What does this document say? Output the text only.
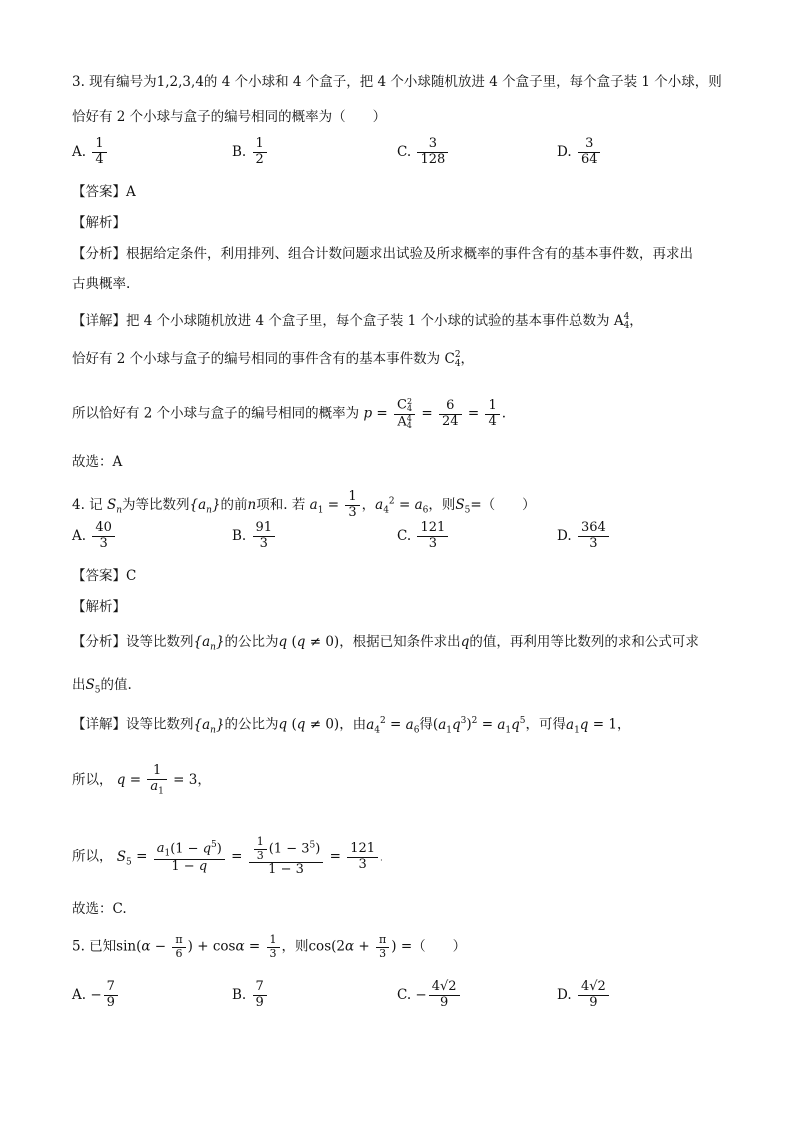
3. 现有编号为1,2,3,4的 4 个小球和 4 个盒子，把 4 个小球随机放进 4 个盒子里，每个盒子装 1 个小球，则
恰好有 2 个小球与盒子的编号相同的概率为（　　）
A. $\frac{1}{4}$	B. $\frac{1}{2}$	C. $\frac{3}{128}$	D. $\frac{3}{64}$
【答案】A
【解析】
【分析】根据给定条件，利用排列、组合计数问题求出试验及所求概率的事件含有的基本事件数，再求出
古典概率.
【详解】把 4 个小球随机放进 4 个盒子里，每个盒子装 1 个小球的试验的基本事件总数为 A 4
4 ，
恰好有 2 个小球与盒子的编号相同的事件含有的基本事件数为 C 2
4 ，
所以恰好有 2 个小球与盒子的编号相同的概率为 p = C 2
4
A 4
$4 = \frac{6}{24} = \frac{1}{4}$ .
故选：A
4. 记 $S_n$为等比数列$\{a_n\}$的前n项和. 若 $a_1 = \frac{1}{3}$ ，$a_4^2 = a_6$，则$S_5=$（　　）
A. $\frac{40}{3}$	B. $\frac{91}{3}$	C. $\frac{121}{3}$	D. $\frac{364}{3}$
【答案】C
【解析】
【分析】设等比数列$\{a_n\}$的公比为q (q ≠ 0)，根据已知条件求出q的值，再利用等比数列的求和公式可求
出$S_5$的值.
【详解】设等比数列$\{a_n\}$的公比为q (q ≠ 0)，由$a_4^2 = a_6$得$(a_1q^3)^2 = a_1q^5$，可得$a_1q = 1$，
所以， $q = \frac{1}{a_1} = 3$，
所以， $S_5 = \frac{a_1(1 - q^5)}{1 - q} = \frac{\frac{1}{3} (1 - 3^5)}{1 - 3} = \frac{121}{3}$ .
故选：C.
5. 已知$\sin(\alpha - \frac{\pi}{6}$ ) + $\cos\alpha = \frac{1}{3}$ ，则$\cos(2\alpha + \frac{\pi}{3}$ ) =（　　）
A. − $\frac{7}{9}$	B. $\frac{7}{9}$	C. − $\frac{4√2}{9}$	D. $\frac{4√2}{9}$
